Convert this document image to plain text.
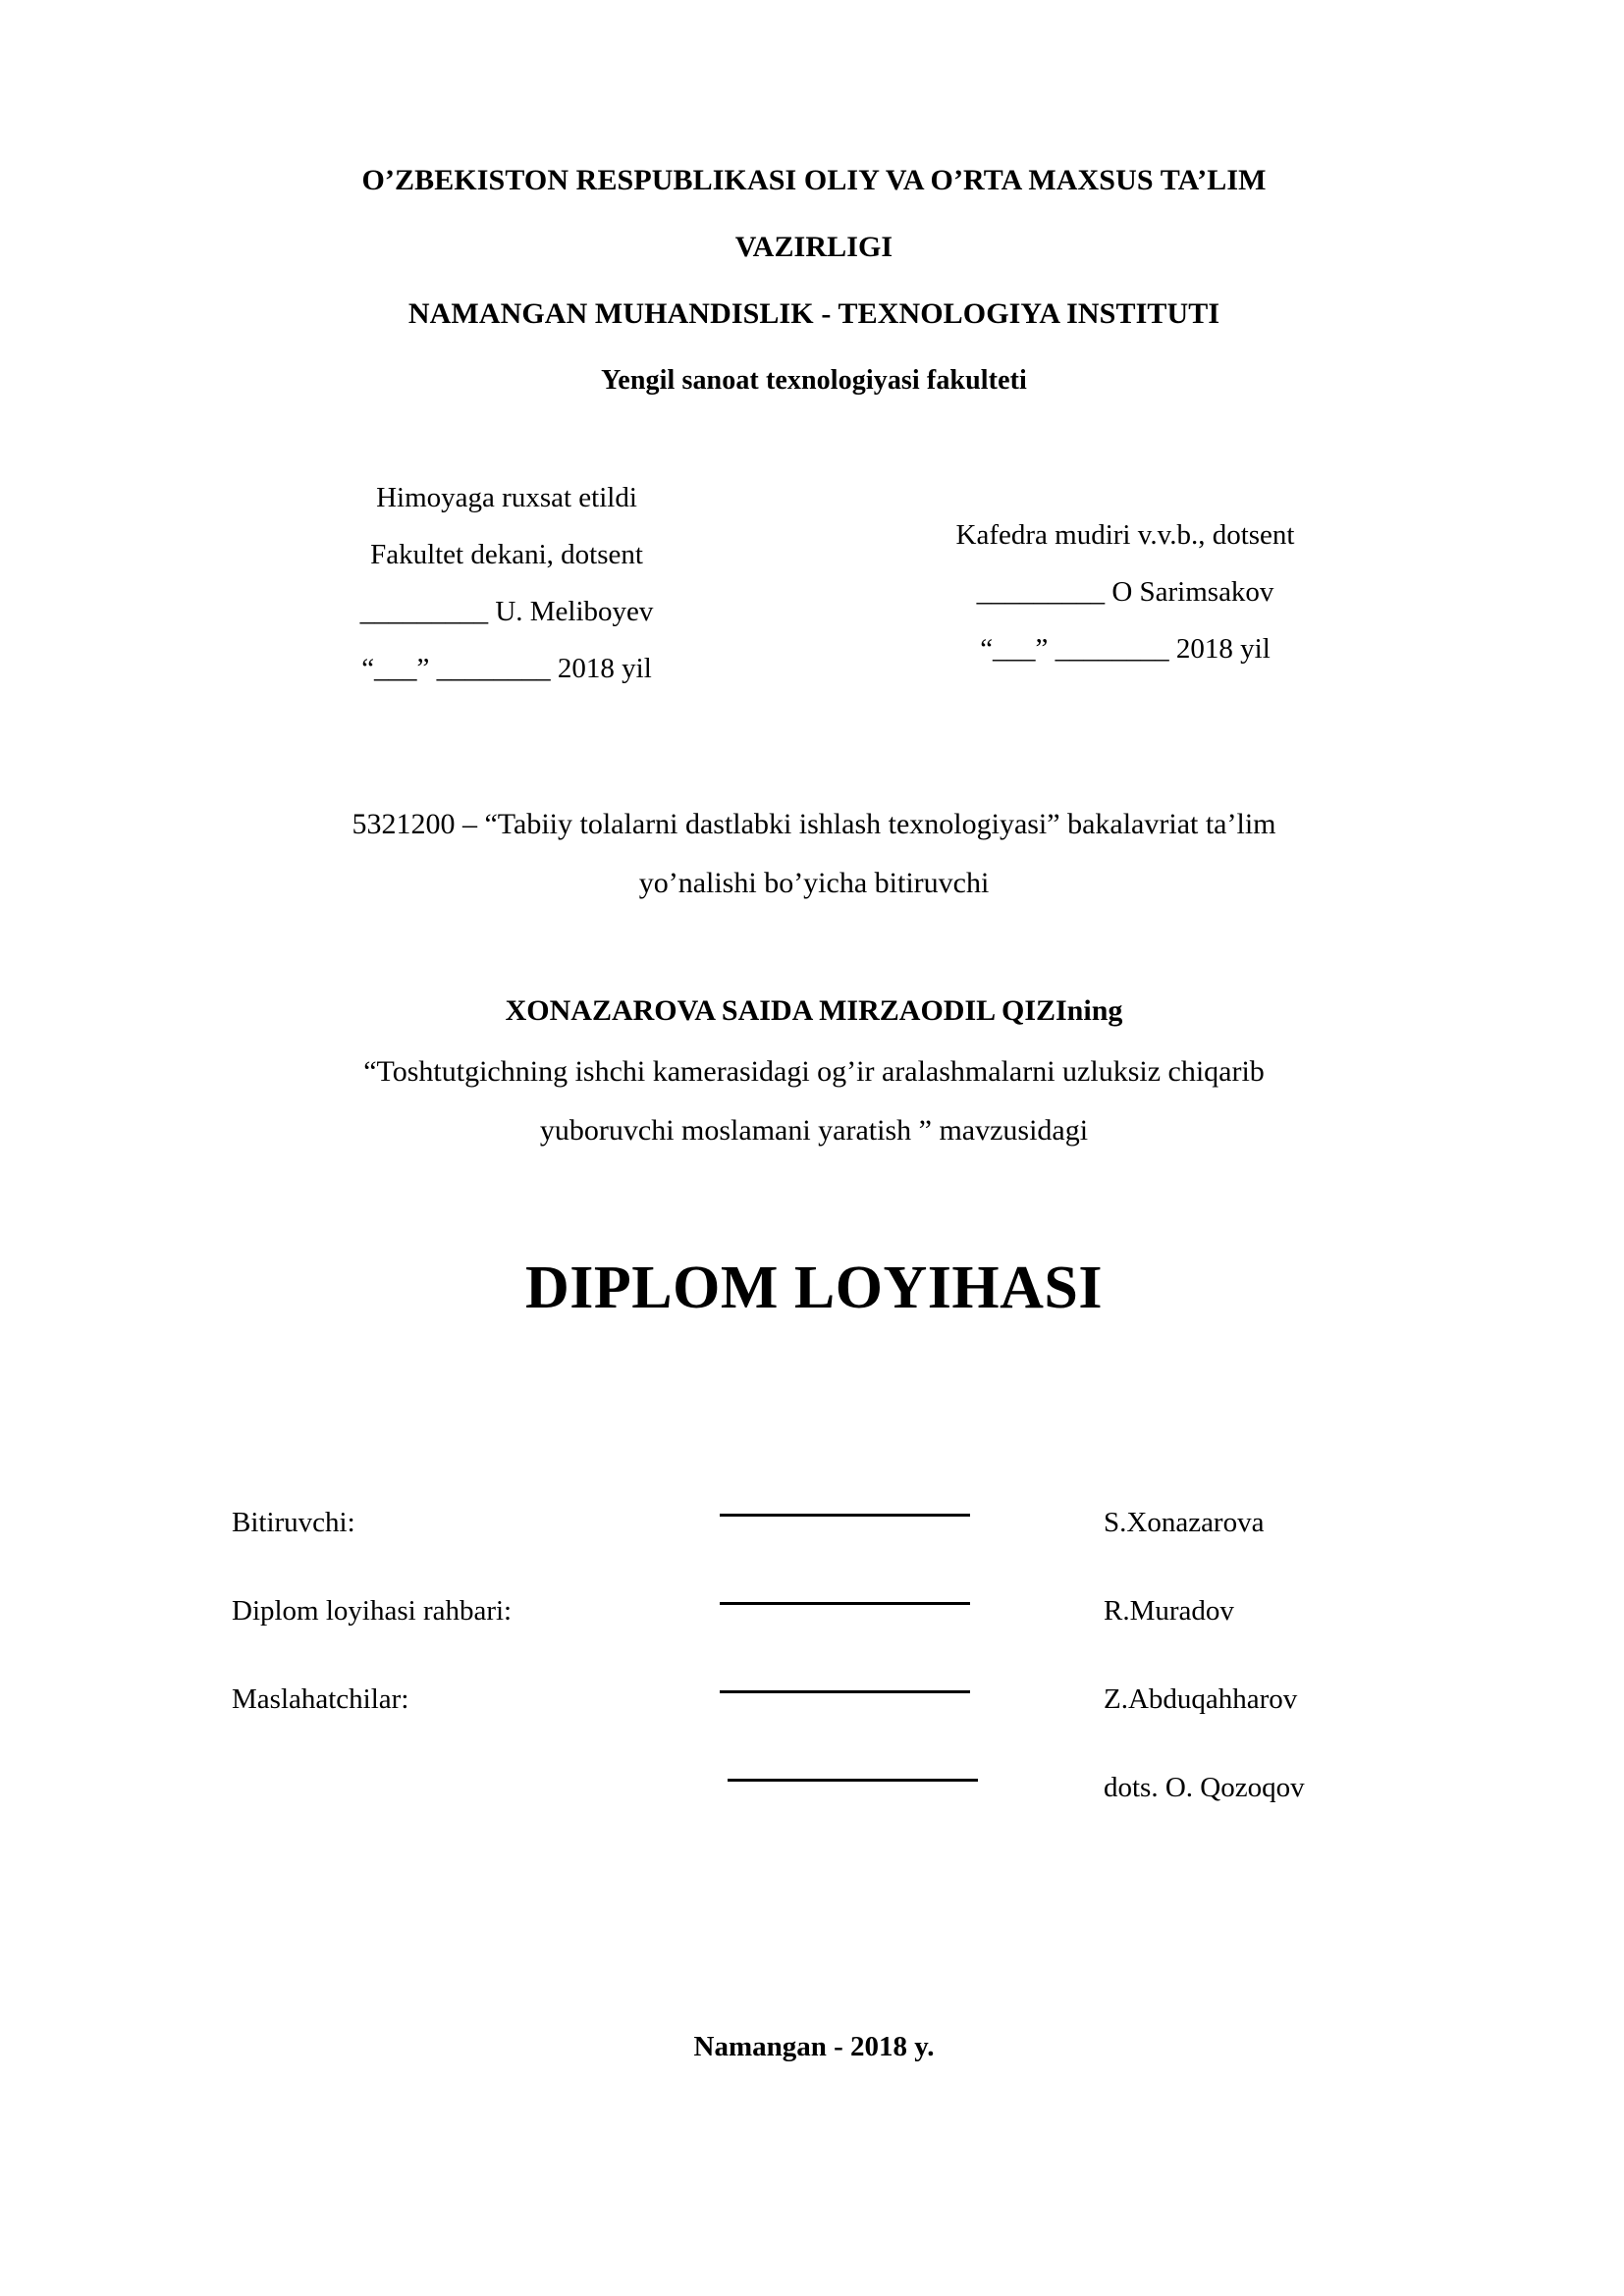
O’ZBEKISTON RESPUBLIKASI OLIY VA O’RTA MAXSUS TA’LIM
VAZIRLIGI
NAMANGAN MUHANDISLIK - TEXNOLOGIYA INSTITUTI
Yengil sanoat texnologiyasi fakulteti
Himoyaga ruxsat etildi
Fakultet dekani, dotsent
_________ U. Meliboyev
“___” ________ 2018 yil
Kafedra mudiri v.v.b., dotsent
_________ O Sarimsakov
“___” ________ 2018 yil
5321200 – “Tabiiy tolalarni dastlabki ishlash texnologiyasi” bakalavriat ta’lim
yo’nalishi bo’yicha bitiruvchi
XONAZAROVA SAIDA MIRZAODIL QIZIning
“Toshtutgichning ishchi kamerasidagi og’ir aralashmalarni uzluksiz chiqarib
yuboruvchi moslamani yaratish ” mavzusidagi
DIPLOM LOYIHASI
Bitiruvchi:	S.Xonazarova
Diplom loyihasi rahbari:	R.Muradov
Maslahatchilar:	Z.Abduqahharov
dots. O. Qozoqov
Namangan - 2018 y.
